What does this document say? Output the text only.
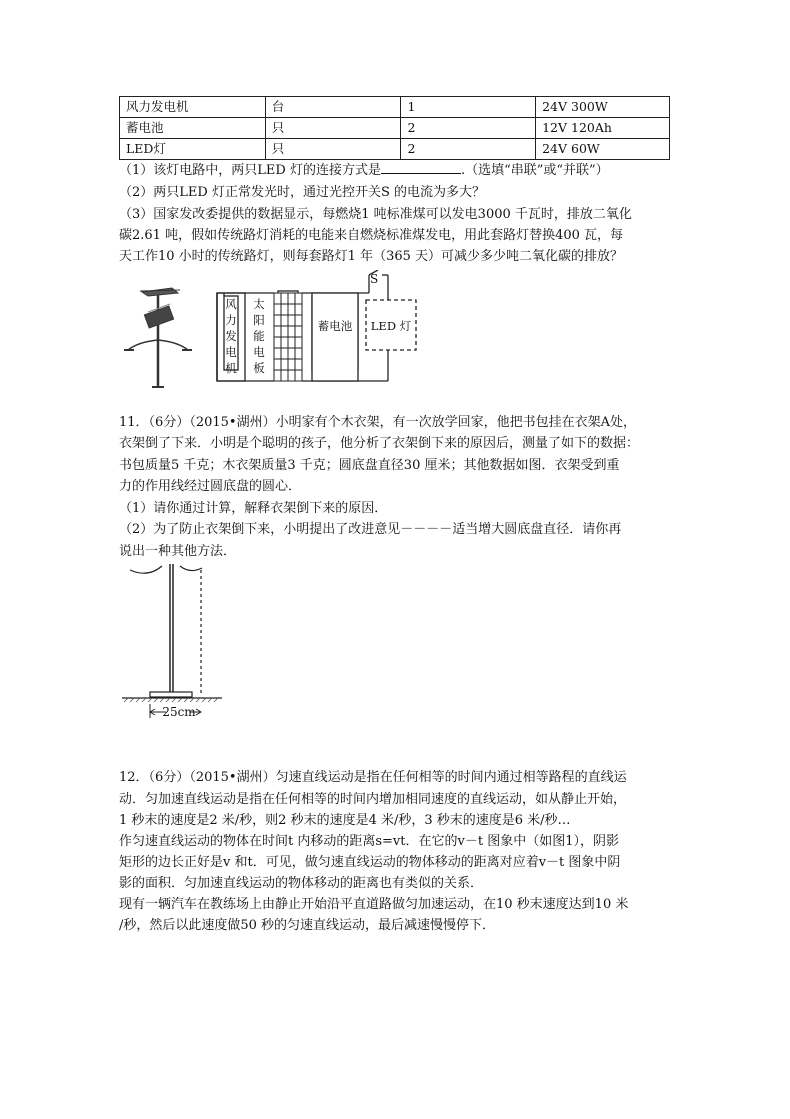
风力发电机	台	1	24V 300W
蓄电池	只	2	12V 120Ah
LED灯	只	2	24V 60W
（1）该灯电路中，两只LED 灯的连接方式是	.（选填“串联”或“并联”）
（2）两只LED 灯正常发光时，通过光控开关S 的电流为多大？
（3）国家发改委提供的数据显示，每燃烧1 吨标准煤可以发电3000 千瓦时，排放二氧化
碳2.61 吨，假如传统路灯消耗的电能来自燃烧标准煤发电，用此套路灯替换400 瓦，每
天工作10 小时的传统路灯，则每套路灯1 年（365 天）可减少多少吨二氧化碳的排放？
风
力
发
电
机
太
阳
能
电
板
蓄电池 LED 灯
S
11．（6分）（2015•湖州）小明家有个木衣架，有一次放学回家，他把书包挂在衣架A处，
衣架倒了下来．小明是个聪明的孩子，他分析了衣架倒下来的原因后，测量了如下的数据：
书包质量5 千克；木衣架质量3 千克；圆底盘直径30 厘米；其他数据如图．衣架受到重
力的作用线经过圆底盘的圆心．
（1）请你通过计算，解释衣架倒下来的原因．
（2）为了防止衣架倒下来，小明提出了改进意见－－－－适当增大圆底盘直径．请你再
说出一种其他方法．
25cm
12．（6分）（2015•湖州）匀速直线运动是指在任何相等的时间内通过相等路程的直线运
动．匀加速直线运动是指在任何相等的时间内增加相同速度的直线运动，如从静止开始，
1 秒末的速度是2 米/秒，则2 秒末的速度是4 米/秒，3 秒末的速度是6 米/秒…
作匀速直线运动的物体在时间t 内移动的距离s=vt．在它的v－t 图象中（如图1），阴影
矩形的边长正好是v 和t．可见，做匀速直线运动的物体移动的距离对应着v－t 图象中阴
影的面积．匀加速直线运动的物体移动的距离也有类似的关系．
现有一辆汽车在教练场上由静止开始沿平直道路做匀加速运动，在10 秒末速度达到10 米
/秒，然后以此速度做50 秒的匀速直线运动，最后减速慢慢停下．
